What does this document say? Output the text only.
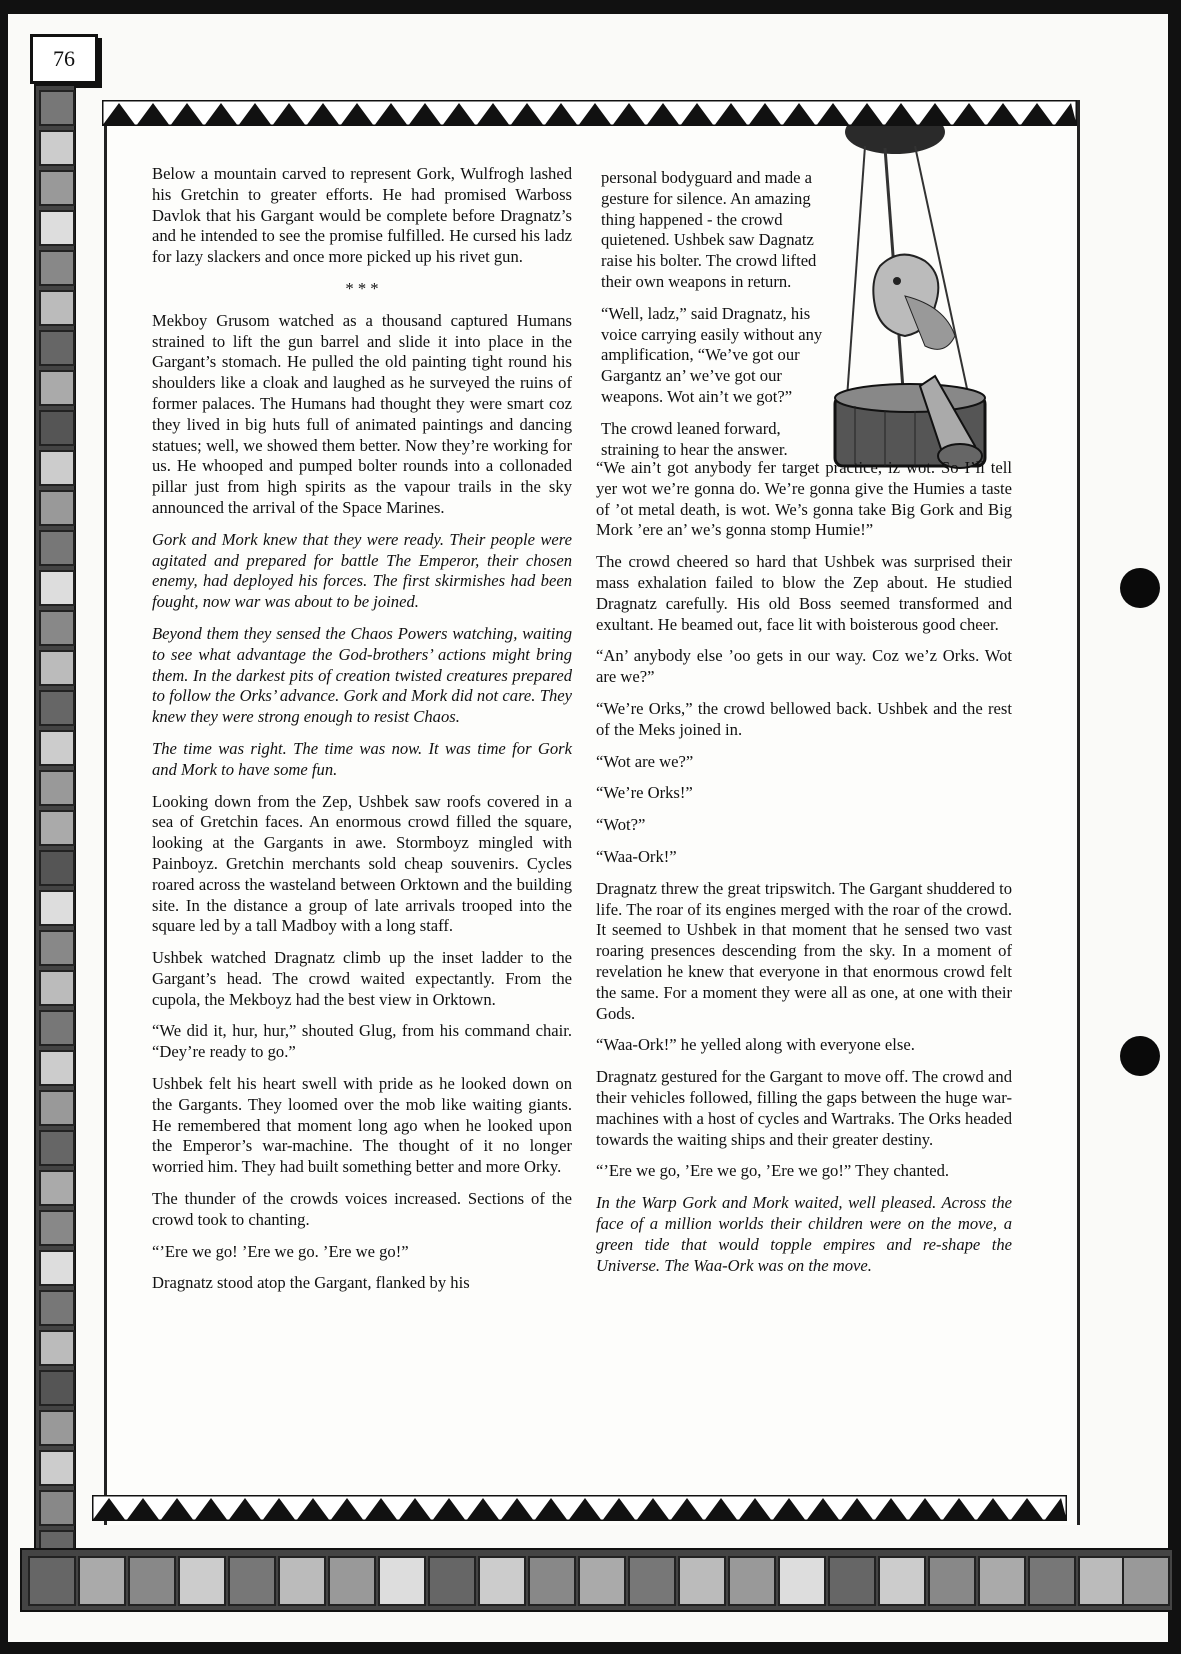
76

Below a mountain carved to represent Gork, Wulfrogh lashed his Gretchin to greater efforts. He had promised Warboss Davlok that his Gargant would be complete before Dragnatz’s and he intended to see the promise fulfilled. He cursed his ladz for lazy slackers and once more picked up his rivet gun.

* * *

Mekboy Grusom watched as a thousand captured Humans strained to lift the gun barrel and slide it into place in the Gargant’s stomach. He pulled the old painting tight round his shoulders like a cloak and laughed as he surveyed the ruins of former palaces. The Humans had thought they were smart coz they lived in big huts full of animated paintings and dancing statues; well, we showed them better. Now they’re working for us. He whooped and pumped bolter rounds into a collonaded pillar just from high spirits as the vapour trails in the sky announced the arrival of the Space Marines.

Gork and Mork knew that they were ready. Their people were agitated and prepared for battle The Emperor, their chosen enemy, had deployed his forces. The first skirmishes had been fought, now war was about to be joined.

Beyond them they sensed the Chaos Powers watching, waiting to see what advantage the God-brothers’ actions might bring them. In the darkest pits of creation twisted creatures prepared to follow the Orks’ advance. Gork and Mork did not care. They knew they were strong enough to resist Chaos.

The time was right. The time was now. It was time for Gork and Mork to have some fun.

Looking down from the Zep, Ushbek saw roofs covered in a sea of Gretchin faces. An enormous crowd filled the square, looking at the Gargants in awe. Stormboyz mingled with Painboyz. Gretchin merchants sold cheap souvenirs. Cycles roared across the wasteland between Orktown and the building site. In the distance a group of late arrivals trooped into the square led by a tall Madboy with a long staff.

Ushbek watched Dragnatz climb up the inset ladder to the Gargant’s head. The crowd waited expectantly. From the cupola, the Mekboyz had the best view in Orktown.

“We did it, hur, hur,” shouted Glug, from his command chair. “Dey’re ready to go.”

Ushbek felt his heart swell with pride as he looked down on the Gargants. They loomed over the mob like waiting giants. He remembered that moment long ago when he looked upon the Emperor’s war-machine. The thought of it no longer worried him. They had built something better and more Orky.

The thunder of the crowds voices increased. Sections of the crowd took to chanting.

“’Ere we go! ’Ere we go. ’Ere we go!”

Dragnatz stood atop the Gargant, flanked by his

personal bodyguard and made a gesture for silence. An amazing thing happened - the crowd quietened. Ushbek saw Dagnatz raise his bolter. The crowd lifted their own weapons in return.

“Well, ladz,” said Dragnatz, his voice carrying easily without any amplification, “We’ve got our Gargantz an’ we’ve got our weapons. Wot ain’t we got?”

The crowd leaned forward, straining to hear the answer.

“We ain’t got anybody fer target practice, iz wot. So I’ll tell yer wot we’re gonna do. We’re gonna give the Humies a taste of ’ot metal death, is wot. We’s gonna take Big Gork and Big Mork ’ere an’ we’s gonna stomp Humie!”

The crowd cheered so hard that Ushbek was surprised their mass exhalation failed to blow the Zep about. He studied Dragnatz carefully. His old Boss seemed transformed and exultant. He beamed out, face lit with boisterous good cheer.

“An’ anybody else ’oo gets in our way. Coz we’z Orks. Wot are we?”

“We’re Orks,” the crowd bellowed back. Ushbek and the rest of the Meks joined in.

“Wot are we?”

“We’re Orks!”

“Wot?”

“Waa-Ork!”

Dragnatz threw the great tripswitch. The Gargant shuddered to life. The roar of its engines merged with the roar of the crowd. It seemed to Ushbek in that moment that he sensed two vast roaring presences descending from the sky. In a moment of revelation he knew that everyone in that enormous crowd felt the same. For a moment they were all as one, at one with their Gods.

“Waa-Ork!” he yelled along with everyone else.

Dragnatz gestured for the Gargant to move off. The crowd and their vehicles followed, filling the gaps between the huge war-machines with a host of cycles and Wartraks. The Orks headed towards the waiting ships and their greater destiny.

“’Ere we go, ’Ere we go, ’Ere we go!” They chanted.

In the Warp Gork and Mork waited, well pleased. Across the face of a million worlds their children were on the move, a green tide that would topple empires and re-shape the Universe. The Waa-Ork was on the move.
